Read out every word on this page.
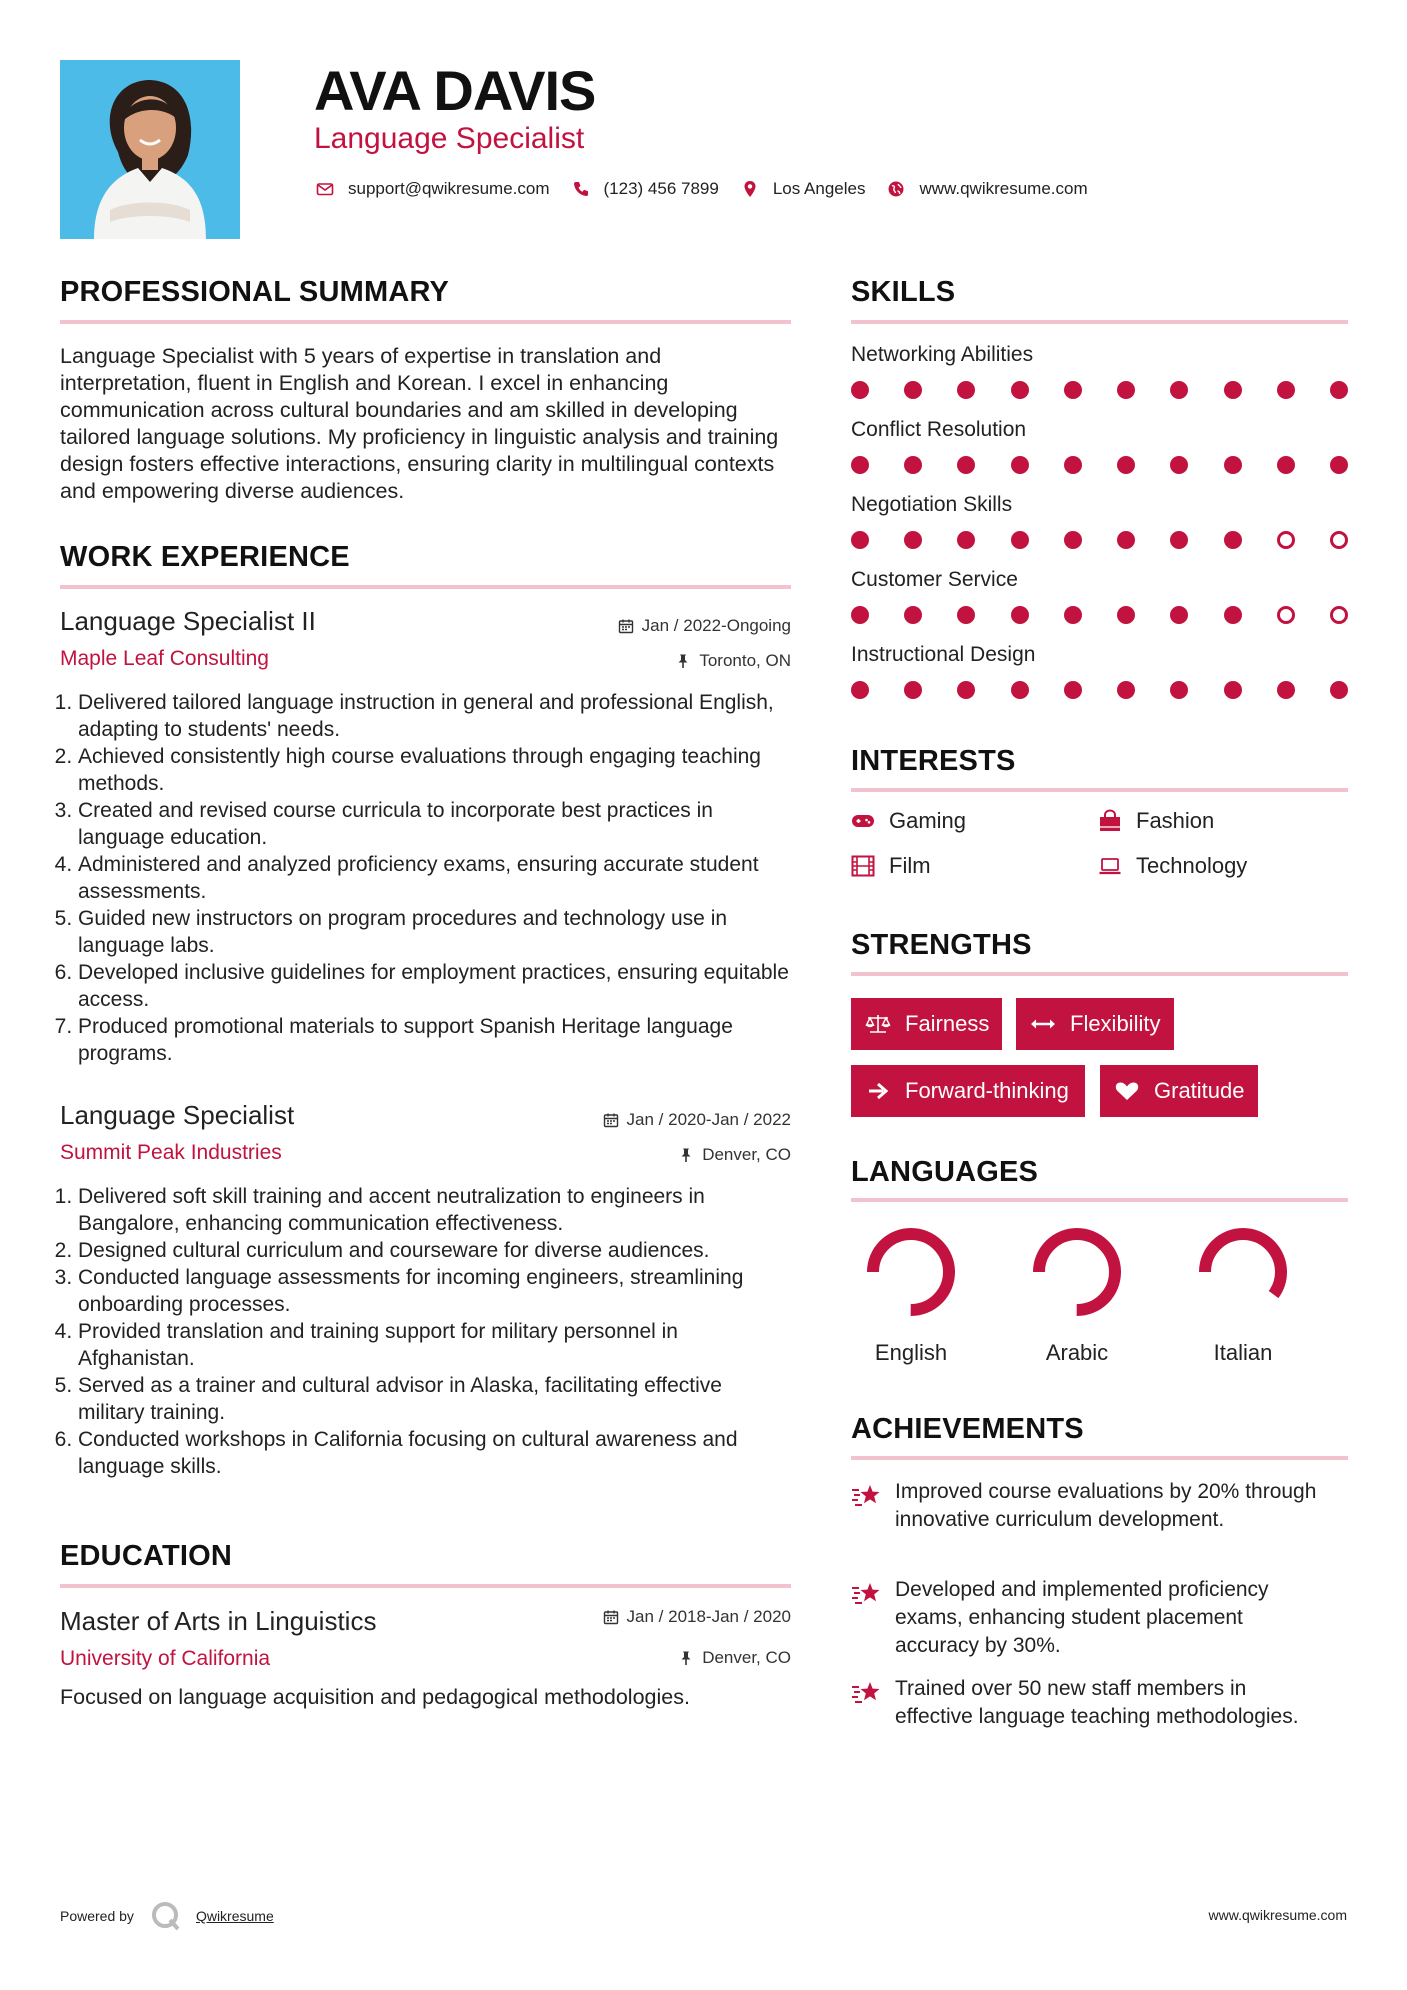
AVA DAVIS
Language Specialist
support@qwikresume.com	(123) 456 7899	Los Angeles	www.qwikresume.com
PROFESSIONAL SUMMARY
Language Specialist with 5 years of expertise in translation and interpretation, fluent in English and Korean. I excel in enhancing communication across cultural boundaries and am skilled in developing tailored language solutions. My proficiency in linguistic analysis and training design fosters effective interactions, ensuring clarity in multilingual contexts and empowering diverse audiences.
WORK EXPERIENCE
Language Specialist II
Maple Leaf Consulting
Jan / 2022-Ongoing
Toronto, ON
1. Delivered tailored language instruction in general and professional English, adapting to students' needs.
2. Achieved consistently high course evaluations through engaging teaching methods.
3. Created and revised course curricula to incorporate best practices in language education.
4. Administered and analyzed proficiency exams, ensuring accurate student assessments.
5. Guided new instructors on program procedures and technology use in language labs.
6. Developed inclusive guidelines for employment practices, ensuring equitable access.
7. Produced promotional materials to support Spanish Heritage language programs.
Language Specialist
Summit Peak Industries
Jan / 2020-Jan / 2022
Denver, CO
1. Delivered soft skill training and accent neutralization to engineers in Bangalore, enhancing communication effectiveness.
2. Designed cultural curriculum and courseware for diverse audiences.
3. Conducted language assessments for incoming engineers, streamlining onboarding processes.
4. Provided translation and training support for military personnel in Afghanistan.
5. Served as a trainer and cultural advisor in Alaska, facilitating effective military training.
6. Conducted workshops in California focusing on cultural awareness and language skills.
EDUCATION
Master of Arts in Linguistics
University of California
Jan / 2018-Jan / 2020
Denver, CO
Focused on language acquisition and pedagogical methodologies.
SKILLS
Networking Abilities
Conflict Resolution
Negotiation Skills
Customer Service
Instructional Design
INTERESTS
Gaming	Fashion
Film	Technology
STRENGTHS
Fairness	Flexibility
Forward-thinking	Gratitude
LANGUAGES
English	Arabic	Italian
ACHIEVEMENTS
Improved course evaluations by 20% through innovative curriculum development.
Developed and implemented proficiency exams, enhancing student placement accuracy by 30%.
Trained over 50 new staff members in effective language teaching methodologies.
Powered by	Qwikresume	www.qwikresume.com
